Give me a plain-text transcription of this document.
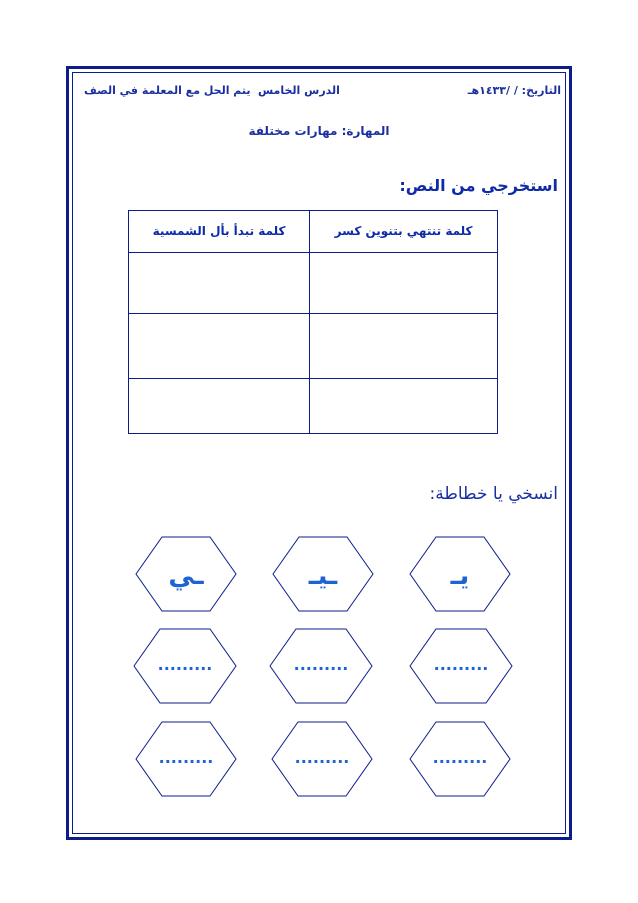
التاريخ: / /١٤٣٣هـ
الدرس الخامس
يتم الحل مع المعلمة في الصف
المهارة: مهارات مختلفة
استخرجي من النص:
كلمة تنتهي بتنوين كسر	كلمة تبدأ بأل الشمسية

انسخي يا خطاطة:
يـ
ـيـ
ـي
.........
.........
.........
.........
.........
.........
